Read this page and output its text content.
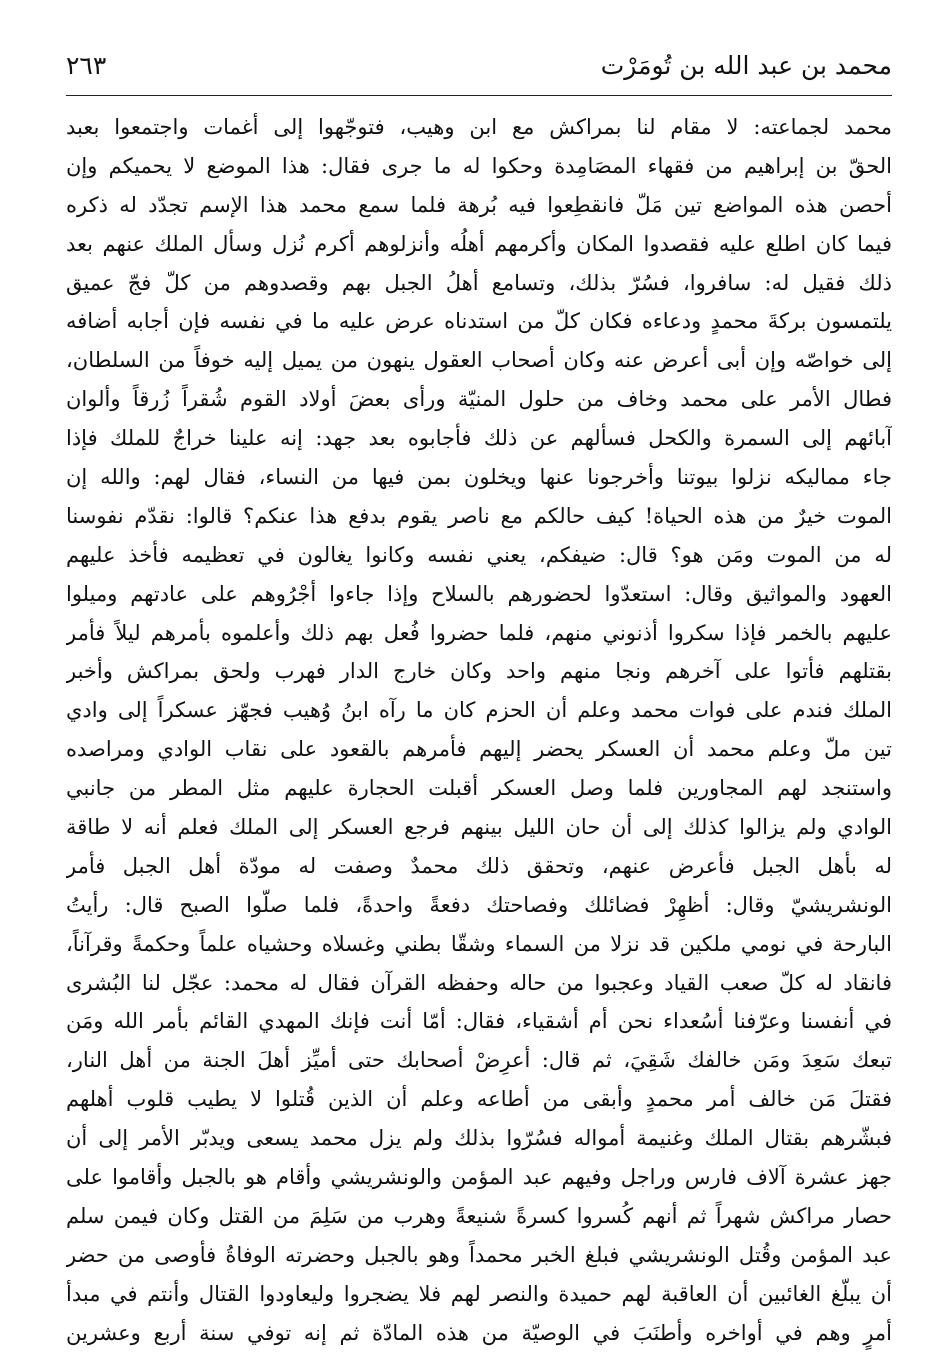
محمد بن عبد الله بن تُومَرْت
٢٦٣
محمد لجماعته: لا مقام لنا بمراكش مع ابن وهيب، فتوجّهوا إلى أغمات واجتمعوا بعبد
الحقّ بن إبراهيم من فقهاء المصَامِدة وحكوا له ما جرى فقال: هذا الموضع لا يحميكم وإن
أحصن هذه المواضع تين مَلّ فانقطِعوا فيه بُرهة فلما سمع محمد هذا الإسم تجدّد له ذكره
فيما كان اطلع عليه فقصدوا المكان وأكرمهم أهلُه وأنزلوهم أكرم نُزل وسأل الملك عنهم بعد
ذلك فقيل له: سافروا، فسُرّ بذلك، وتسامع أهلُ الجبل بهم وقصدوهم من كلّ فجّ عميق
يلتمسون بركةَ محمدٍ ودعاءه فكان كلّ من استدناه عرض عليه ما في نفسه فإن أجابه أضافه
إلى خواصّه وإن أبى أعرض عنه وكان أصحاب العقول ينهون من يميل إليه خوفاً من السلطان،
فطال الأمر على محمد وخاف من حلول المنيّة ورأى بعضَ أولاد القوم شُقراً زُرقاً وألوان
آبائهم إلى السمرة والكحل فسألهم عن ذلك فأجابوه بعد جهد: إنه علينا خراجٌ للملك فإذا
جاء مماليكه نزلوا بيوتنا وأخرجونا عنها ويخلون بمن فيها من النساء، فقال لهم: والله إن
الموت خيرٌ من هذه الحياة! كيف حالكم مع ناصر يقوم بدفع هذا عنكم؟ قالوا: نقدّم نفوسنا
له من الموت ومَن هو؟ قال: ضيفكم، يعني نفسه وكانوا يغالون في تعظيمه فأخذ عليهم
العهود والمواثيق وقال: استعدّوا لحضورهم بالسلاح وإذا جاءوا أجْرُوهم على عادتهم وميلوا
عليهم بالخمر فإذا سكروا أذنوني منهم، فلما حضروا فُعل بهم ذلك وأعلموه بأمرهم ليلاً فأمر
بقتلهم فأتوا على آخرهم ونجا منهم واحد وكان خارج الدار فهرب ولحق بمراكش وأخبر
الملك فندم على فوات محمد وعلم أن الحزم كان ما رآه ابنُ وُهيب فجهّز عسكراً إلى وادي
تين ملّ وعلم محمد أن العسكر يحضر إليهم فأمرهم بالقعود على نقاب الوادي ومراصده
واستنجد لهم المجاورين فلما وصل العسكر أقبلت الحجارة عليهم مثل المطر من جانبي
الوادي ولم يزالوا كذلك إلى أن حان الليل بينهم فرجع العسكر إلى الملك فعلم أنه لا طاقة
له بأهل الجبل فأعرض عنهم، وتحقق ذلك محمدٌ وصفت له مودّة أهل الجبل فأمر
الونشريشيّ وقال: أظهِرْ فضائلك وفصاحتك دفعةً واحدةً، فلما صلّوا الصبح قال: رأيتُ
البارحة في نومي ملكين قد نزلا من السماء وشقّا بطني وغسلاه وحشياه علماً وحكمةً وقرآناً،
فانقاد له كلّ صعب القياد وعجبوا من حاله وحفظه القرآن فقال له محمد: عجّل لنا البُشرى
في أنفسنا وعرّفنا أسُعداء نحن أم أشقياء، فقال: أمّا أنت فإنك المهدي القائم بأمر الله ومَن
تبعك سَعِدَ ومَن خالفك شَقِيَ، ثم قال: أعرِضْ أصحابك حتى أميِّز أهلَ الجنة من أهل النار،
فقتلَ مَن خالف أمر محمدٍ وأبقى من أطاعه وعلم أن الذين قُتلوا لا يطيب قلوب أهلهم
فبشّرهم بقتال الملك وغنيمة أمواله فسُرّوا بذلك ولم يزل محمد يسعى ويدبّر الأمر إلى أن
جهز عشرة آلاف فارس وراجل وفيهم عبد المؤمن والونشريشي وأقام هو بالجبل وأقاموا على
حصار مراكش شهراً ثم أنهم كُسروا كسرةً شنيعةً وهرب من سَلِمَ من القتل وكان فيمن سلم
عبد المؤمن وقُتل الونشريشي فبلغ الخبر محمداً وهو بالجبل وحضرته الوفاةُ فأوصى من حضر
أن يبلّغ الغائبين أن العاقبة لهم حميدة والنصر لهم فلا يضجروا وليعاودوا القتال وأنتم في مبدأ
أمرٍ وهم في أواخره وأطنَبَ في الوصيّة من هذه المادّة ثم إنه توفي سنة أربع وعشرين
